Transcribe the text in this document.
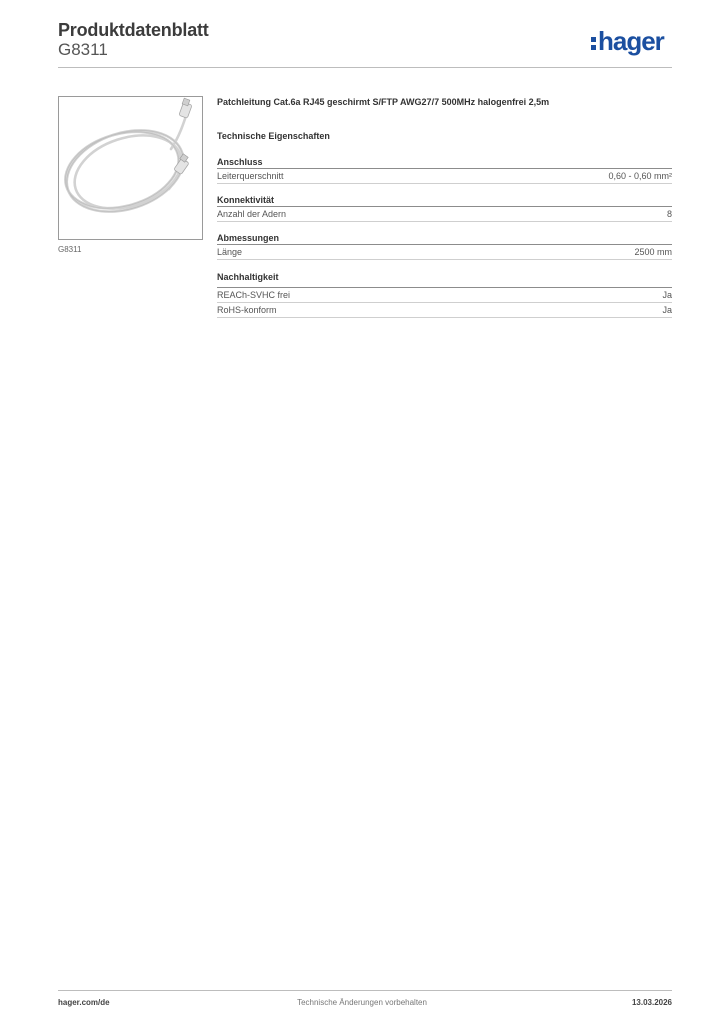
Produktdatenblatt
G8311	hager
G8311
Patchleitung Cat.6a RJ45 geschirmt S/FTP AWG27/7 500MHz halogenfrei 2,5m
Technische Eigenschaften
Anschluss
Leiterquerschnitt	0,60 - 0,60 mm²
Konnektivität
Anzahl der Adern	8
Abmessungen
Länge	2500 mm
Nachhaltigkeit
REACh-SVHC frei	Ja
RoHS-konform	Ja
hager.com/de	Technische Änderungen vorbehalten	13.03.2026
